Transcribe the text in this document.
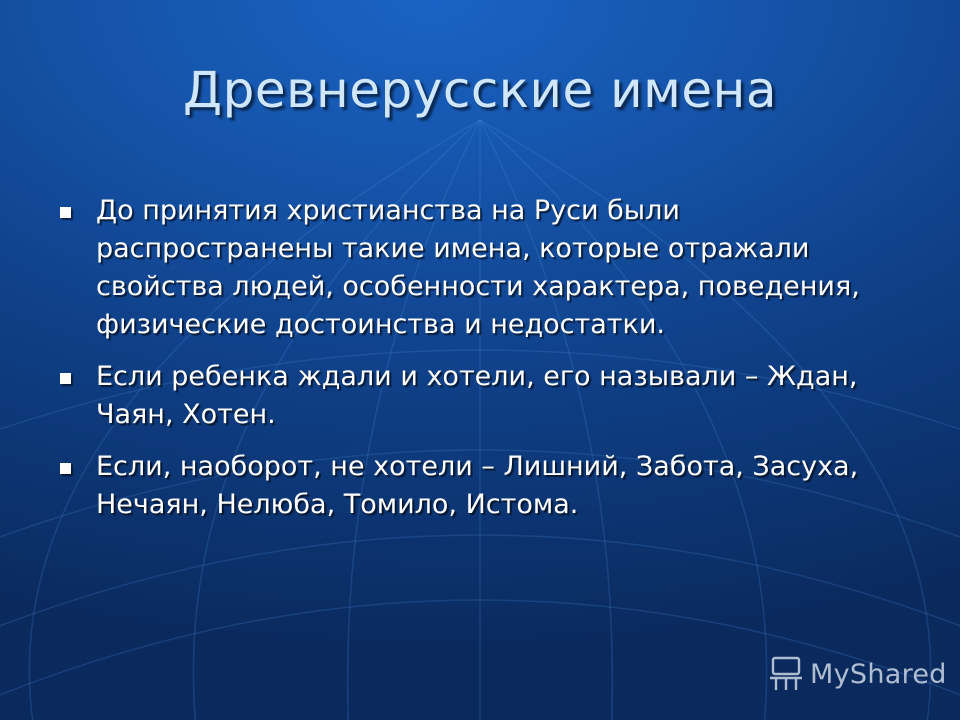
Древнерусские имена
До принятия христианства на Руси были распространены такие имена, которые отражали свойства людей, особенности характера, поведения, физические достоинства и недостатки.
Если ребенка ждали и хотели, его называли – Ждан, Чаян, Хотен.
Если, наоборот, не хотели – Лишний, Забота, Засуха, Нечаян, Нелюба, Томило, Истома.
MyShared
